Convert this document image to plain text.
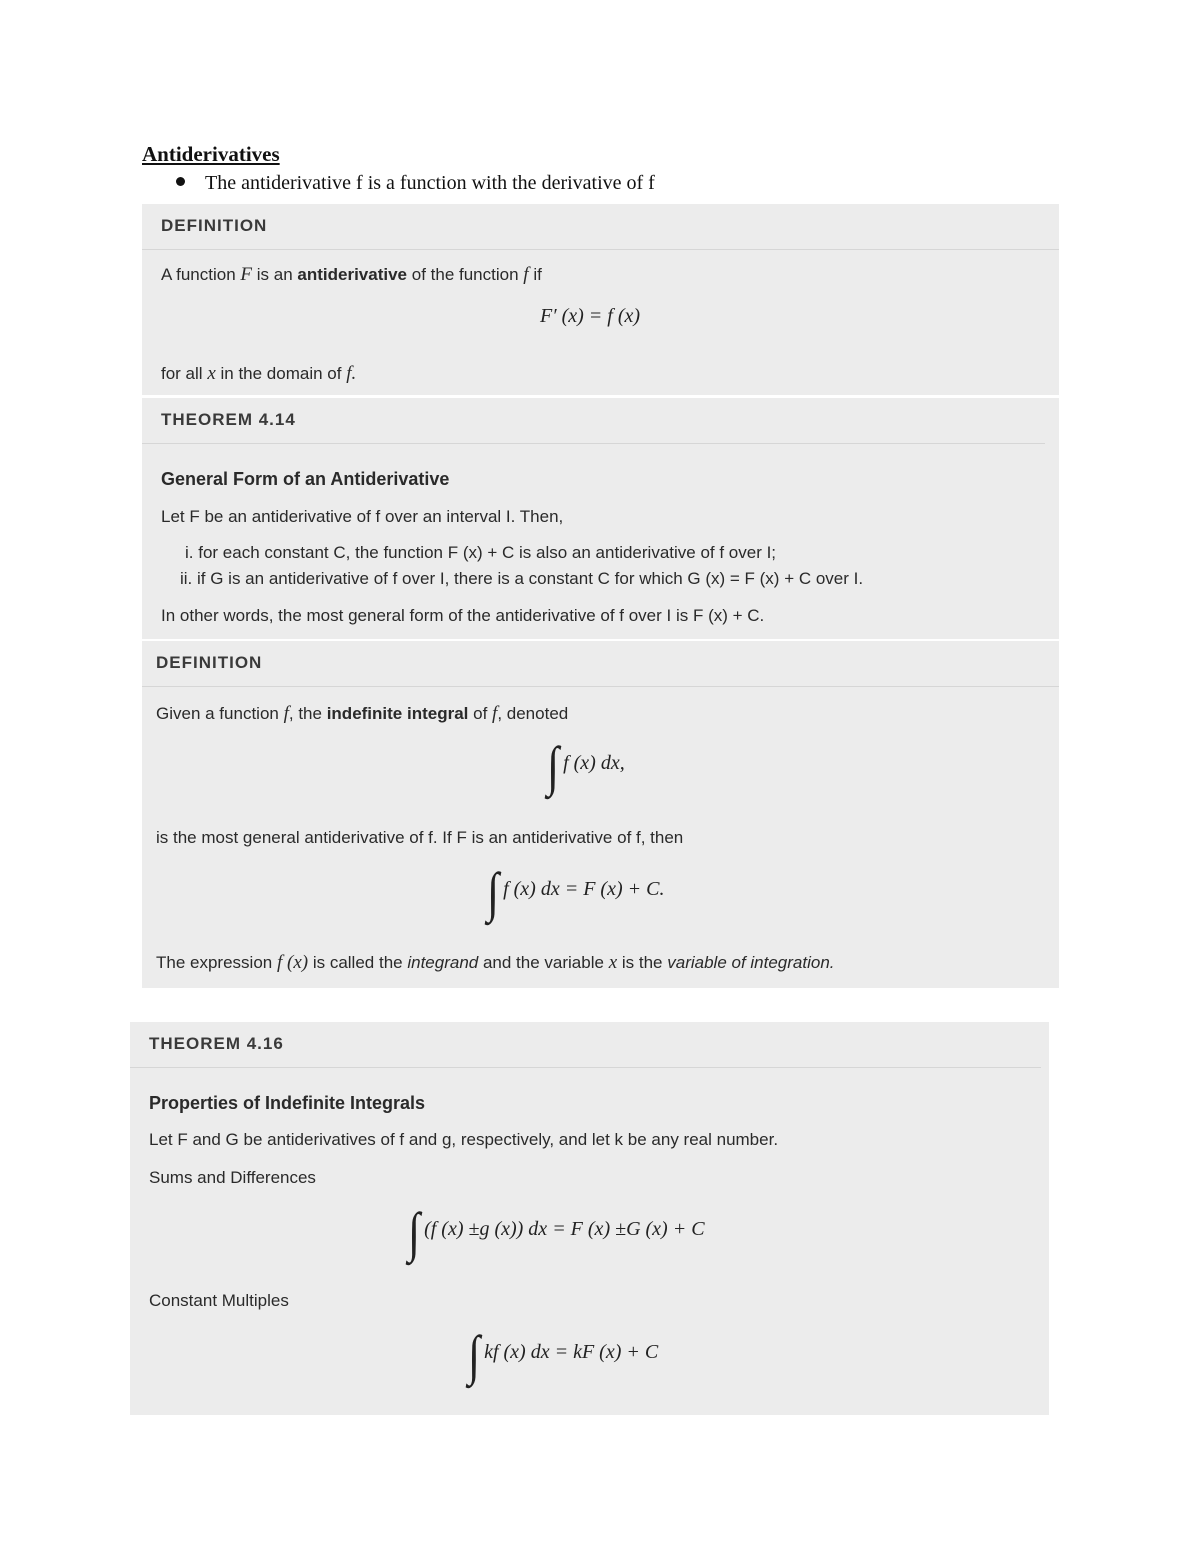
Antiderivatives
The antiderivative f is a function with the derivative of f
DEFINITION
A function F is an antiderivative of the function f if
F′ (x) = f (x)
for all x in the domain of f.
THEOREM 4.14
General Form of an Antiderivative
Let F be an antiderivative of f over an interval I. Then,
i. for each constant C, the function F (x) + C is also an antiderivative of f over I;
ii. if G is an antiderivative of f over I, there is a constant C for which G (x) = F (x) + C over I.
In other words, the most general form of the antiderivative of f over I is F (x) + C.
DEFINITION
Given a function f, the indefinite integral of f, denoted
∫ f (x) dx,
is the most general antiderivative of f. If F is an antiderivative of f, then
∫ f (x) dx = F (x) + C.
The expression f (x) is called the integrand and the variable x is the variable of integration.
THEOREM 4.16
Properties of Indefinite Integrals
Let F and G be antiderivatives of f and g, respectively, and let k be any real number.
Sums and Differences
∫ (f (x) ±g (x)) dx = F (x) ±G (x) + C
Constant Multiples
∫ kf (x) dx = kF (x) + C
